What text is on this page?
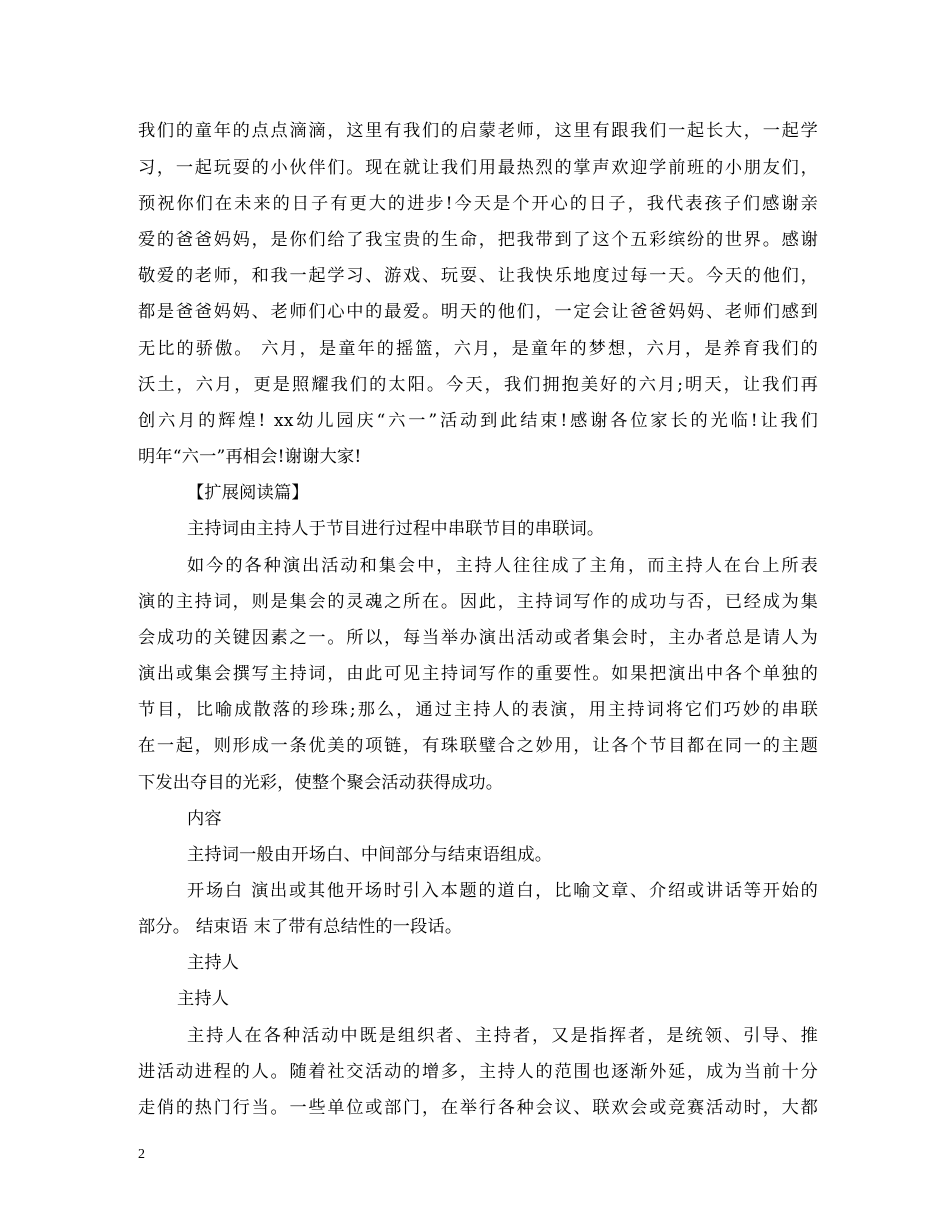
我们的童年的点点滴滴，这里有我们的启蒙老师，这里有跟我们一起长大，一起学
习，一起玩耍的小伙伴们。现在就让我们用最热烈的掌声欢迎学前班的小朋友们，
预祝你们在未来的日子有更大的进步!今天是个开心的日子，我代表孩子们感谢亲
爱的爸爸妈妈，是你们给了我宝贵的生命，把我带到了这个五彩缤纷的世界。感谢
敬爱的老师，和我一起学习、游戏、玩耍、让我快乐地度过每一天。今天的他们，
都是爸爸妈妈、老师们心中的最爱。明天的他们，一定会让爸爸妈妈、老师们感到
无比的骄傲。 六月，是童年的摇篮，六月，是童年的梦想，六月，是养育我们的
沃土，六月，更是照耀我们的太阳。今天，我们拥抱美好的六月;明天，让我们再
创六月的辉煌! xx幼儿园庆“六一”活动到此结束!感谢各位家长的光临!让我们
明年“六一”再相会!谢谢大家!
【扩展阅读篇】
主持词由主持人于节目进行过程中串联节目的串联词。
如今的各种演出活动和集会中，主持人往往成了主角，而主持人在台上所表
演的主持词，则是集会的灵魂之所在。因此，主持词写作的成功与否，已经成为集
会成功的关键因素之一。所以，每当举办演出活动或者集会时，主办者总是请人为
演出或集会撰写主持词，由此可见主持词写作的重要性。如果把演出中各个单独的
节目，比喻成散落的珍珠;那么，通过主持人的表演，用主持词将它们巧妙的串联
在一起，则形成一条优美的项链，有珠联璧合之妙用，让各个节目都在同一的主题
下发出夺目的光彩，使整个聚会活动获得成功。
内容
主持词一般由开场白、中间部分与结束语组成。
开场白 演出或其他开场时引入本题的道白，比喻文章、介绍或讲话等开始的
部分。 结束语 末了带有总结性的一段话。
主持人
主持人
主持人在各种活动中既是组织者、主持者，又是指挥者，是统领、引导、推
进活动进程的人。随着社交活动的增多，主持人的范围也逐渐外延，成为当前十分
走俏的热门行当。一些单位或部门，在举行各种会议、联欢会或竞赛活动时，大都
2
